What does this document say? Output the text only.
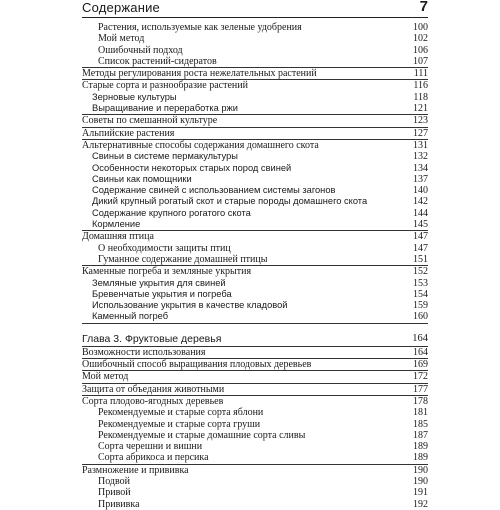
Содержание	7
Растения, используемые как зеленые удобрения	100
Мой метод	102
Ошибочный подход	106
Список растений-сидератов	107
Методы регулирования роста нежелательных растений	111
Старые сорта и разнообразие растений	116
Зерновые культуры	118
Выращивание и переработка ржи	121
Советы по смешанной культуре	123
Альпийские растения	127
Альтернативные способы содержания домашнего скота	131
Свиньи в системе пермакультуры	132
Особенности некоторых старых пород свиней	134
Свиньи как помощники	137
Содержание свиней с использованием системы загонов	140
Дикий крупный рогатый скот и старые породы домашнего скота	142
Содержание крупного рогатого скота	144
Кормление	145
Домашняя птица	147
О необходимости защиты птиц	147
Гуманное содержание домашней птицы	151
Каменные погреба и земляные укрытия	152
Земляные укрытия для свиней	153
Бревенчатые укрытия и погреба	154
Использование укрытия в качестве кладовой	159
Каменный погреб	160
Глава 3. Фруктовые деревья	164
Возможности использования	164
Ошибочный способ выращивания плодовых деревьев	169
Мой метод	172
Защита от объедания животными	177
Сорта плодово-ягодных деревьев	178
Рекомендуемые и старые сорта яблони	181
Рекомендуемые и старые сорта груши	185
Рекомендуемые и старые домашние сорта сливы	187
Сорта черешни и вишни	189
Сорта абрикоса и персика	189
Размножение и прививка	190
Подвой	190
Привой	191
Прививка	192
